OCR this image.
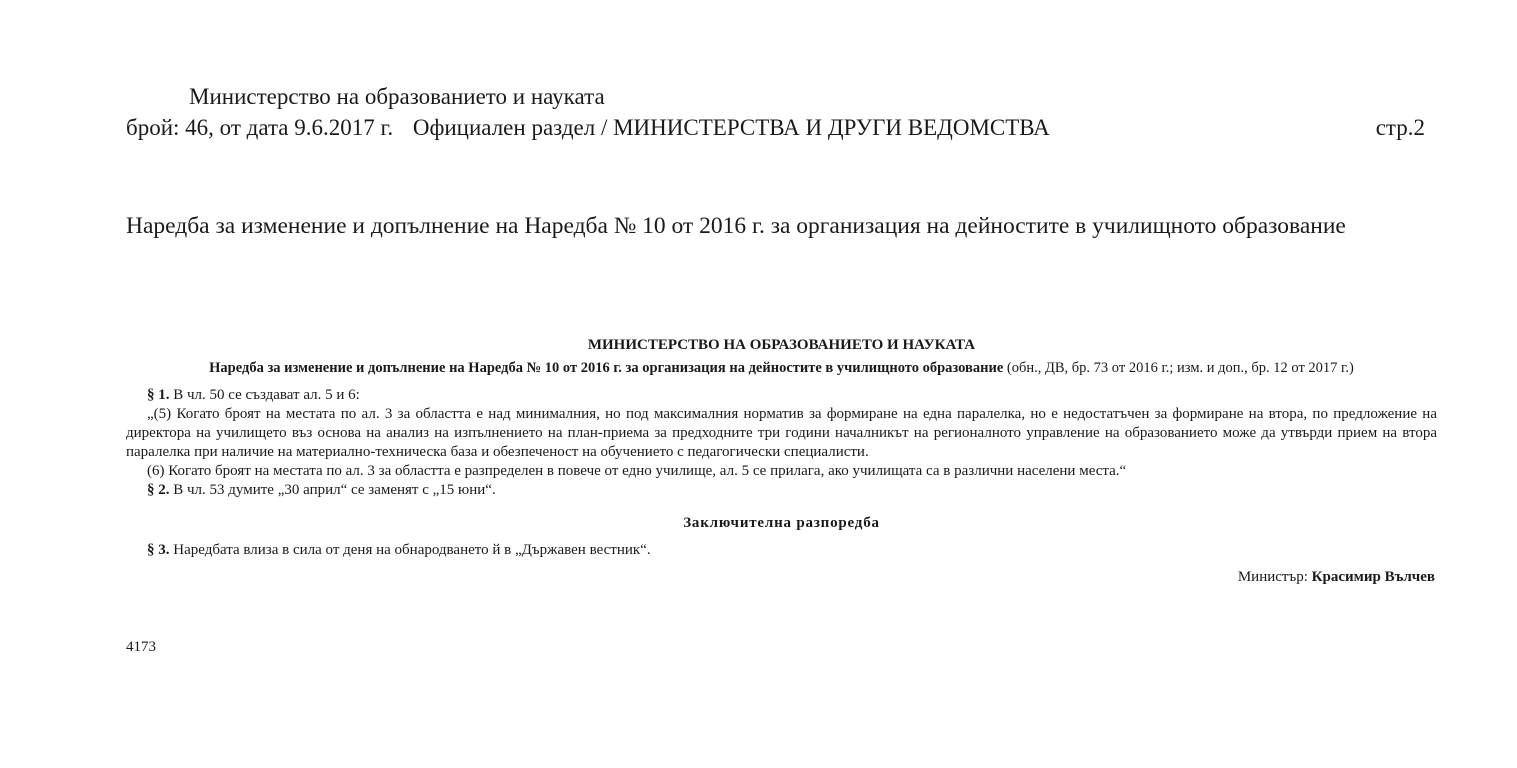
Министерство на образованието и науката
брой: 46, от дата 9.6.2017 г. Официален раздел / МИНИСТЕРСТВА И ДРУГИ ВЕДОМСТВА	стр.2
Наредба за изменение и допълнение на Наредба № 10 от 2016 г. за организация на дейностите в училищното образование
МИНИСТЕРСТВО НА ОБРАЗОВАНИЕТО И НАУКАТА
Наредба за изменение и допълнение на Наредба № 10 от 2016 г. за организация на дейностите в училищното образование (обн., ДВ, бр. 73 от 2016 г.; изм. и доп., бр. 12 от 2017 г.)
§ 1. В чл. 50 се създават ал. 5 и 6:
„(5) Когато броят на местата по ал. 3 за областта е над минималния, но под максималния норматив за формиране на една паралелка, но е недостатъчен за формиране на втора, по предложение на директора на училището въз основа на анализ на изпълнението на план-приема за предходните три години началникът на регионалното управление на образованието може да утвърди прием на втора паралелка при наличие на материално-техническа база и обезпеченост на обучението с педагогически специалисти.
(6) Когато броят на местата по ал. 3 за областта е разпределен в повече от едно училище, ал. 5 се прилага, ако училищата са в различни населени места.“
§ 2. В чл. 53 думите „30 април“ се заменят с „15 юни“.
Заключителна разпоредба
§ 3. Наредбата влиза в сила от деня на обнародването й в „Държавен вестник“.
Министър: Красимир Вълчев
4173
